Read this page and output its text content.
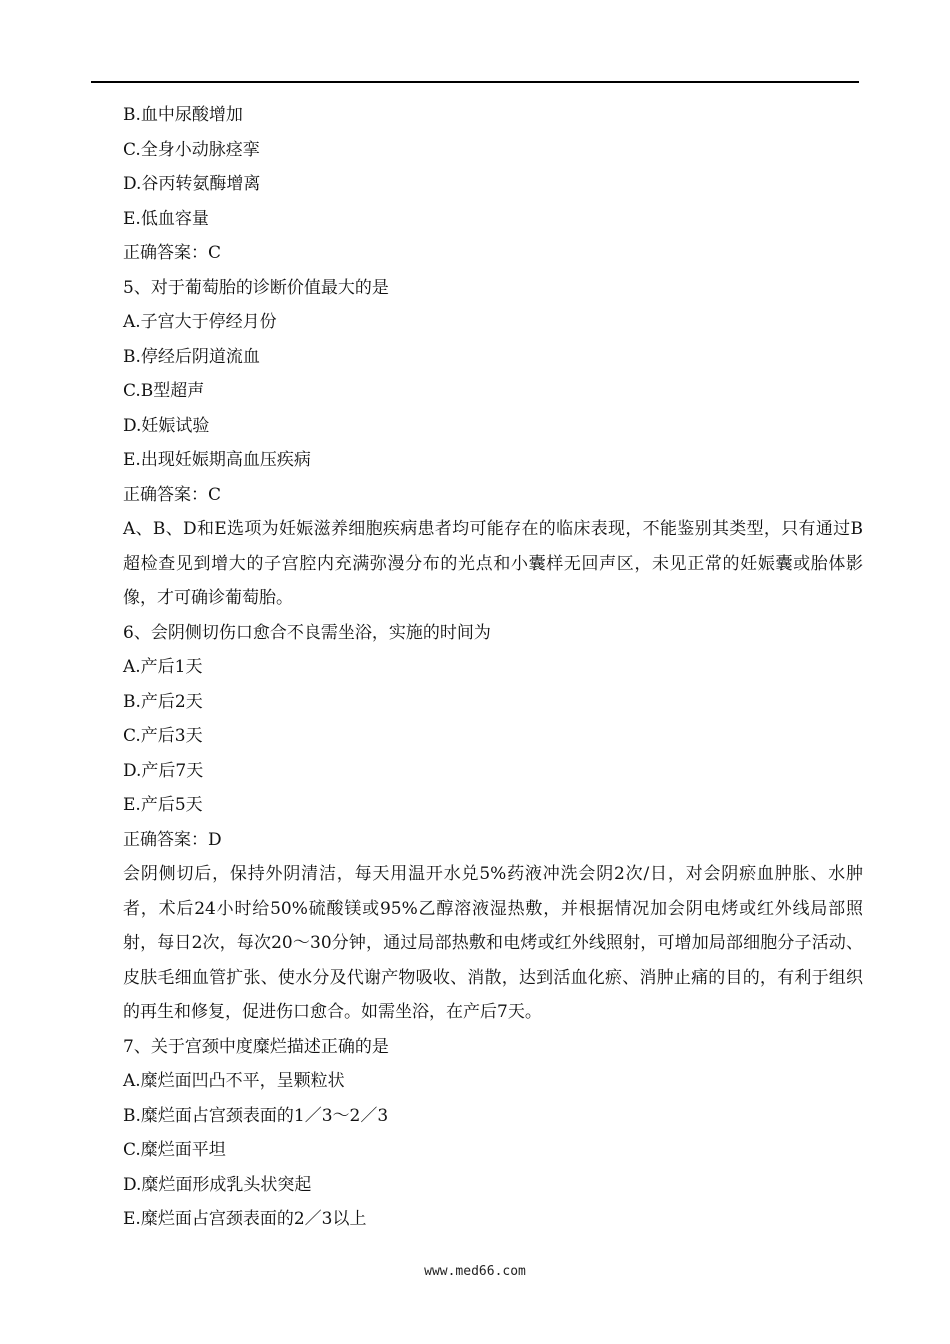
B.血中尿酸增加

C.全身小动脉痉挛

D.谷丙转氨酶增离

E.低血容量

正确答案：C

5、对于葡萄胎的诊断价值最大的是

A.子宫大于停经月份

B.停经后阴道流血

C.B型超声

D.妊娠试验

E.出现妊娠期高血压疾病

正确答案：C

A、B、D和E选项为妊娠滋养细胞疾病患者均可能存在的临床表现，不能鉴别其类型，只有通过B超检查见到增大的子宫腔内充满弥漫分布的光点和小囊样无回声区，未见正常的妊娠囊或胎体影像，才可确诊葡萄胎。

6、会阴侧切伤口愈合不良需坐浴，实施的时间为

A.产后1天

B.产后2天

C.产后3天

D.产后7天

E.产后5天

正确答案：D

会阴侧切后，保持外阴清洁，每天用温开水兑5%药液冲洗会阴2次/日，对会阴瘀血肿胀、水肿者，术后24小时给50%硫酸镁或95%乙醇溶液湿热敷，并根据情况加会阴电烤或红外线局部照射，每日2次，每次20～30分钟，通过局部热敷和电烤或红外线照射，可增加局部细胞分子活动、皮肤毛细血管扩张、使水分及代谢产物吸收、消散，达到活血化瘀、消肿止痛的目的，有利于组织的再生和修复，促进伤口愈合。如需坐浴，在产后7天。

7、关于宫颈中度糜烂描述正确的是

A.糜烂面凹凸不平，呈颗粒状

B.糜烂面占宫颈表面的1／3～2／3

C.糜烂面平坦

D.糜烂面形成乳头状突起

E.糜烂面占宫颈表面的2／3以上

www.med66.com
